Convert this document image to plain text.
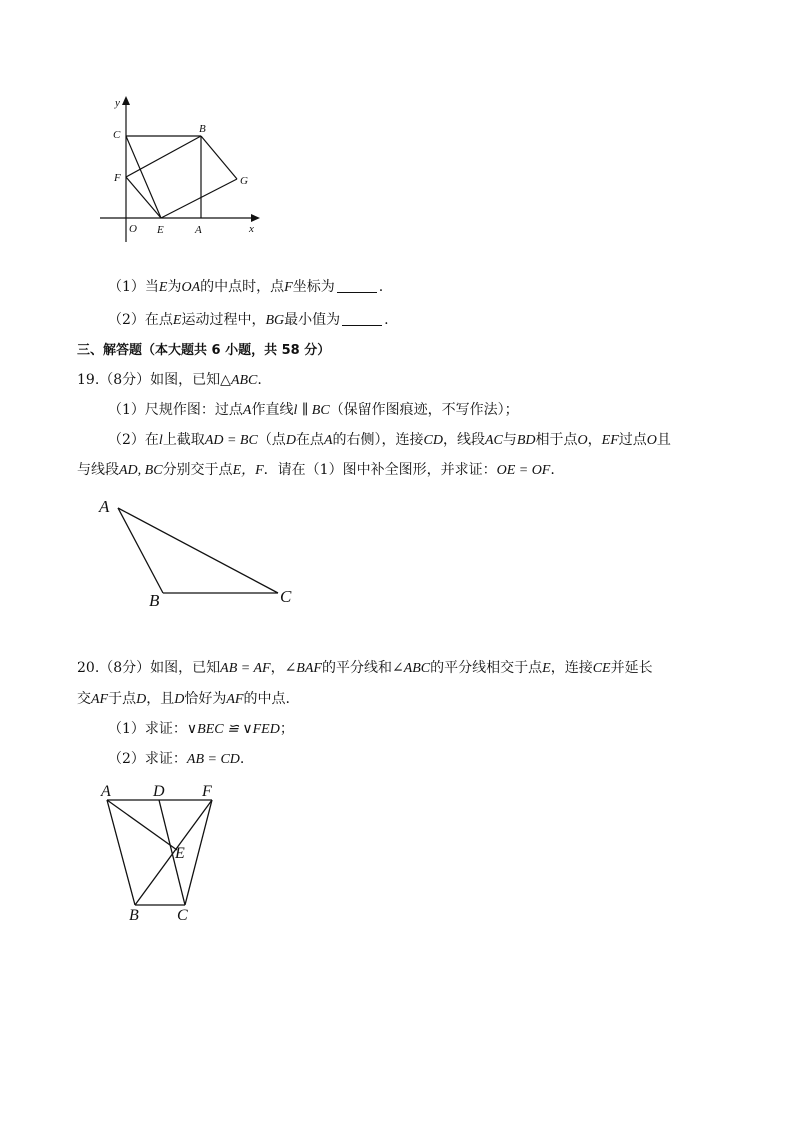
y
x
O E	A
C	B
F	G
（1）当E为OA的中点时，点F坐标为	.
（2）在点E运动过程中，BG最小值为	.
三、解答题（本大题共 6 小题，共 58 分）
19.（8分）如图，已知△ABC.
（1）尺规作图：过点A作直线l ∥ BC（保留作图痕迹，不写作法）；
（2）在l上截取AD = BC（点D在点A的右侧），连接CD，线段AC与BD相于点O，EF过点O且
与线段AD, BC分别交于点E，F．请在（1）图中补全图形，并求证：OE = OF.
A
B	C
20.（8分）如图，已知AB = AF，∠BAF的平分线和∠ABC的平分线相交于点E，连接CE并延长
交AF于点D，且D恰好为AF的中点.
（1）求证：∨BEC ≌ ∨FED；
（2）求证：AB = CD.
A	D F
E
B C
